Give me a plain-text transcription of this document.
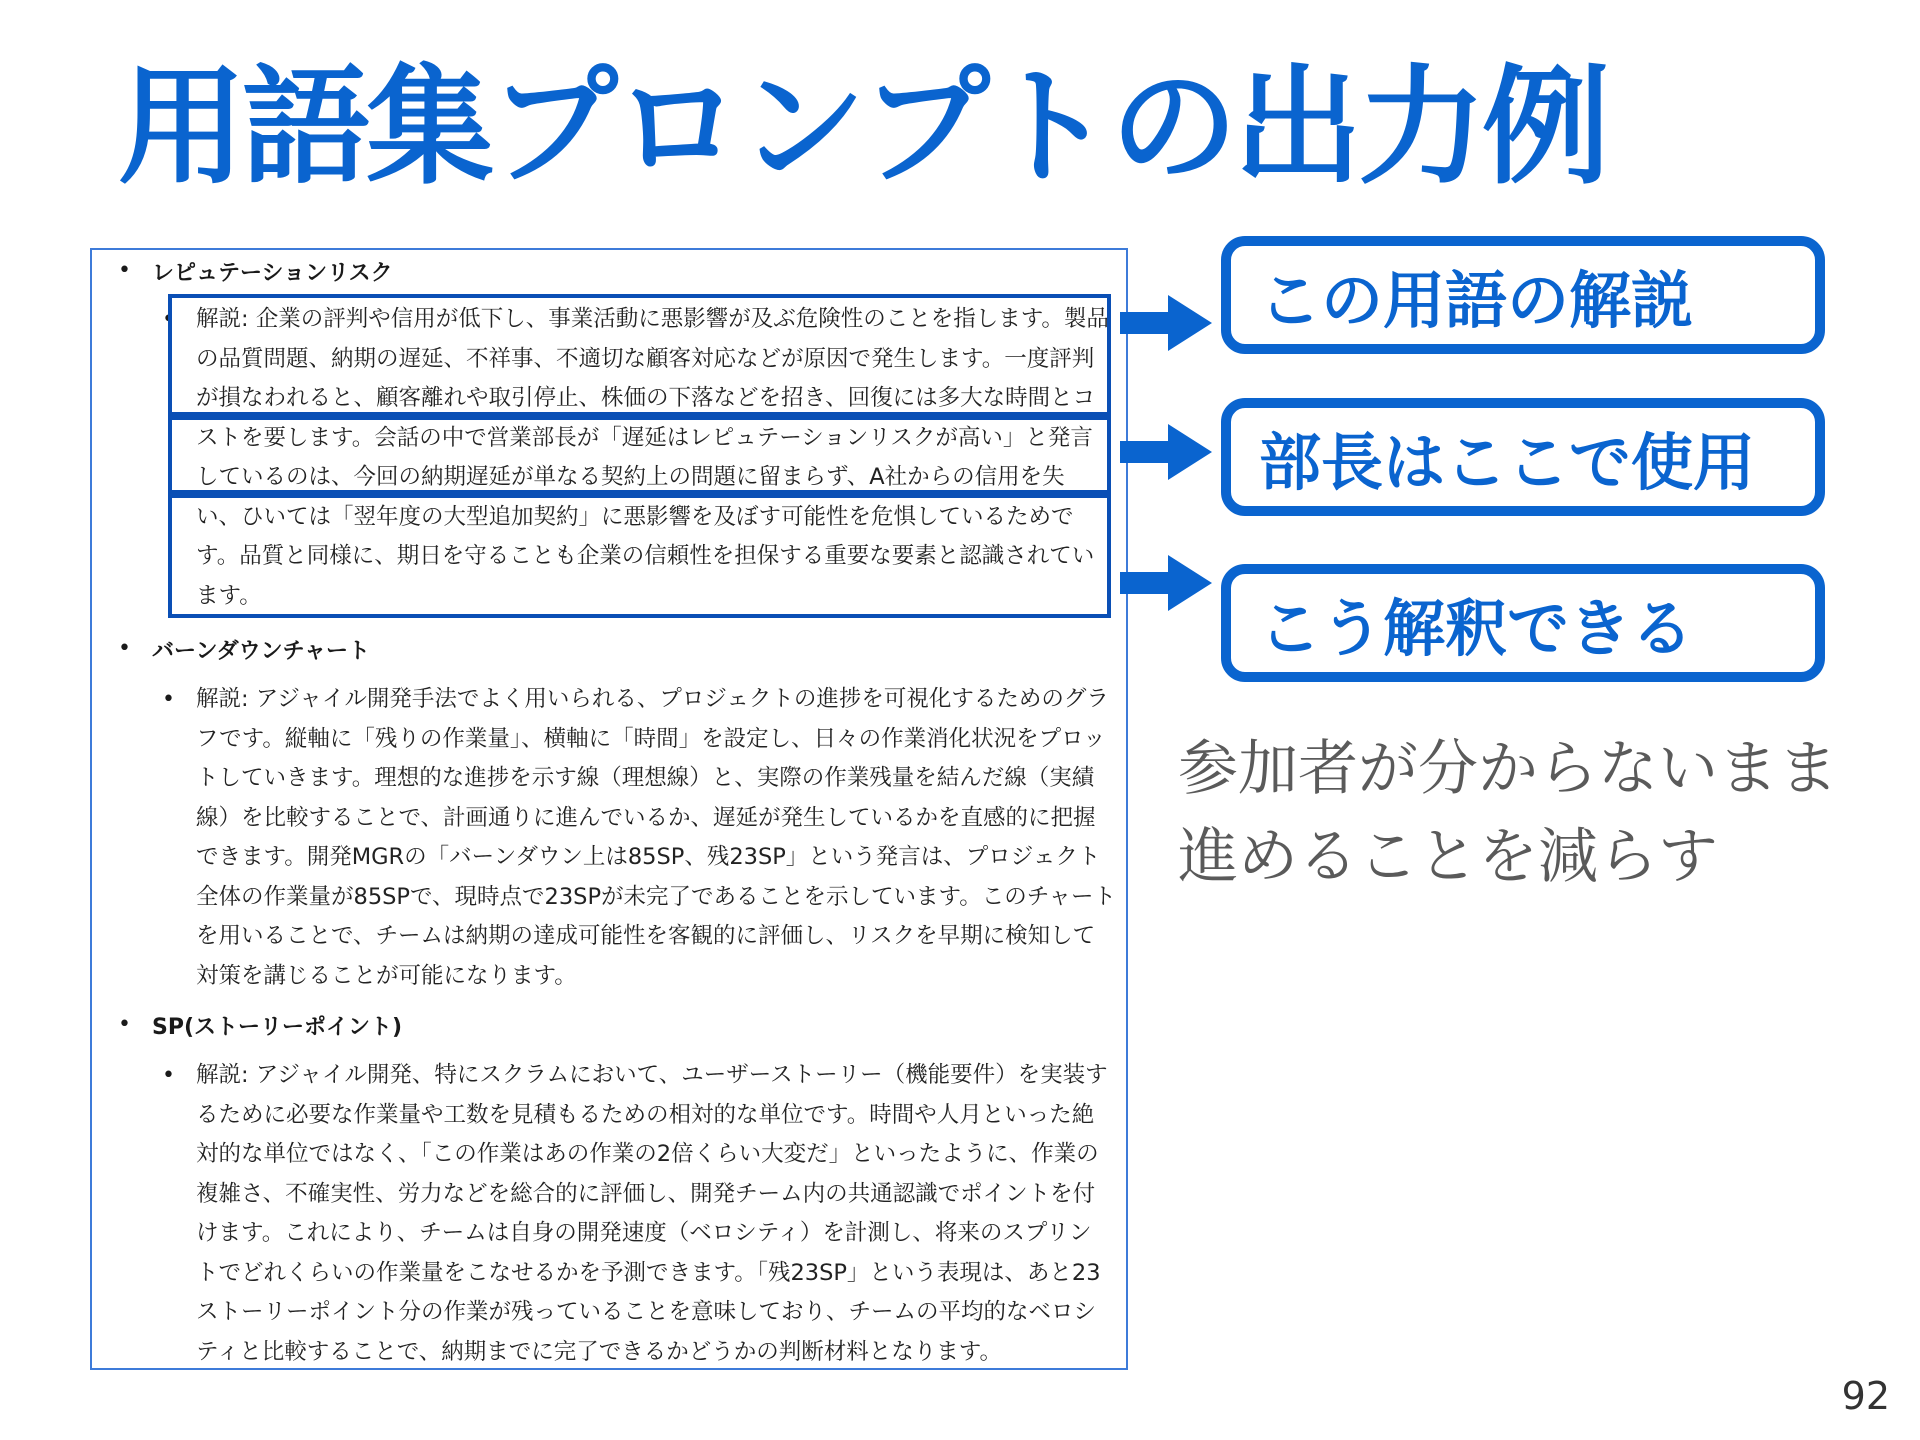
用語集プロンプトの出力例
• レピュテーションリスク
• 解説: 企業の評判や信用が低下し、事業活動に悪影響が及ぶ危険性のことを指します。製品
の品質問題、納期の遅延、不祥事、不適切な顧客対応などが原因で発生します。一度評判
が損なわれると、顧客離れや取引停止、株価の下落などを招き、回復には多大な時間とコ
ストを要します。会話の中で営業部長が「遅延はレピュテーションリスクが高い」と発言
しているのは、今回の納期遅延が単なる契約上の問題に留まらず、A社からの信用を失
い、ひいては「翌年度の大型追加契約」に悪影響を及ぼす可能性を危惧しているためで
す。品質と同様に、期日を守ることも企業の信頼性を担保する重要な要素と認識されてい
ます。
• バーンダウンチャート
• 解説: アジャイル開発手法でよく用いられる、プロジェクトの進捗を可視化するためのグラ
フです。縦軸に「残りの作業量」、横軸に「時間」を設定し、日々の作業消化状況をプロッ
トしていきます。理想的な進捗を示す線（理想線）と、実際の作業残量を結んだ線（実績
線）を比較することで、計画通りに進んでいるか、遅延が発生しているかを直感的に把握
できます。開発MGRの「バーンダウン上は85SP、残23SP」という発言は、プロジェクト
全体の作業量が85SPで、現時点で23SPが未完了であることを示しています。このチャート
を用いることで、チームは納期の達成可能性を客観的に評価し、リスクを早期に検知して
対策を講じることが可能になります。
• SP(ストーリーポイント)
• 解説: アジャイル開発、特にスクラムにおいて、ユーザーストーリー（機能要件）を実装す
るために必要な作業量や工数を見積もるための相対的な単位です。時間や人月といった絶
対的な単位ではなく、「この作業はあの作業の2倍くらい大変だ」といったように、作業の
複雑さ、不確実性、労力などを総合的に評価し、開発チーム内の共通認識でポイントを付
けます。これにより、チームは自身の開発速度（ベロシティ）を計測し、将来のスプリン
トでどれくらいの作業量をこなせるかを予測できます。「残23SP」という表現は、あと23
ストーリーポイント分の作業が残っていることを意味しており、チームの平均的なベロシ
ティと比較することで、納期までに完了できるかどうかの判断材料となります。
この用語の解説
部長はここで使用
こう解釈できる
参加者が分からないまま
進めることを減らす
92
